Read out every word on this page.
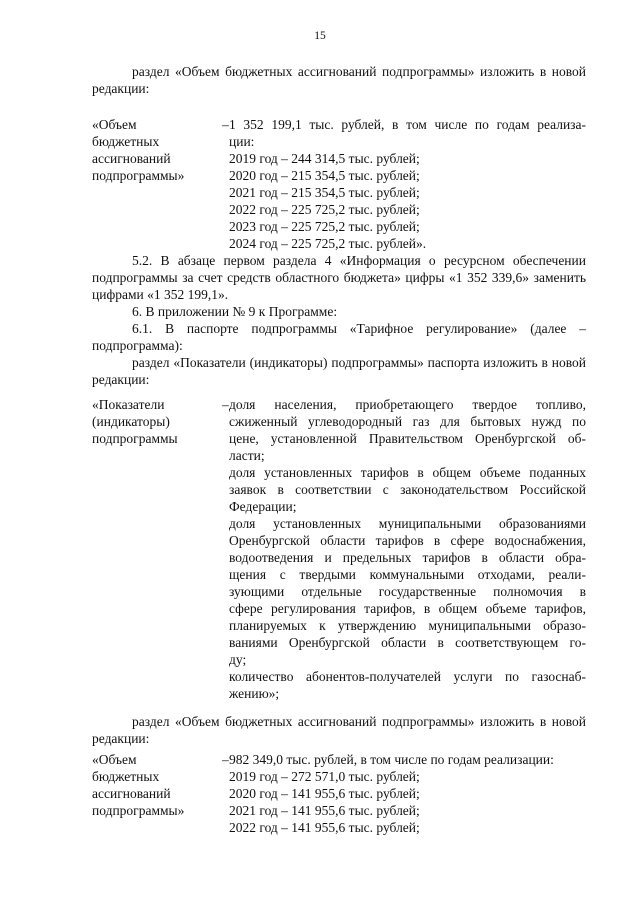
15
раздел «Объем бюджетных ассигнований подпрограммы» изложить в новой редакции:
«Объем
бюджетных
ассигнований
подпрограммы»
– 1 352 199,1 тыс. рублей, в том числе по годам реализа-
ции:
2019 год – 244 314,5 тыс. рублей;
2020 год – 215 354,5 тыс. рублей;
2021 год – 215 354,5 тыс. рублей;
2022 год – 225 725,2 тыс. рублей;
2023 год – 225 725,2 тыс. рублей;
2024 год – 225 725,2 тыс. рублей».
5.2. В абзаце первом раздела 4 «Информация о ресурсном обеспечении подпрограммы за счет средств областного бюджета» цифры «1 352 339,6» заменить цифрами «1 352 199,1».
6. В приложении № 9 к Программе:
6.1. В паспорте подпрограммы «Тарифное регулирование» (далее – подпрограмма):
раздел «Показатели (индикаторы) подпрограммы» паспорта изложить в новой редакции:
«Показатели
(индикаторы)
подпрограммы
– доля населения, приобретающего твердое топливо,
сжиженный углеводородный газ для бытовых нужд по
цене, установленной Правительством Оренбургской об-
ласти;
доля установленных тарифов в общем объеме поданных
заявок в соответствии с законодательством Российской
Федерации;
доля установленных муниципальными образованиями
Оренбургской области тарифов в сфере водоснабжения,
водоотведения и предельных тарифов в области обра-
щения с твердыми коммунальными отходами, реали-
зующими отдельные государственные полномочия в
сфере регулирования тарифов, в общем объеме тарифов,
планируемых к утверждению муниципальными образо-
ваниями Оренбургской области в соответствующем го-
ду;
количество абонентов-получателей услуги по газоснаб-
жению»;
раздел «Объем бюджетных ассигнований подпрограммы» изложить в новой редакции:
«Объем
бюджетных
ассигнований
подпрограммы»
– 982 349,0 тыс. рублей, в том числе по годам реализации:
2019 год – 272 571,0 тыс. рублей;
2020 год – 141 955,6 тыс. рублей;
2021 год – 141 955,6 тыс. рублей;
2022 год – 141 955,6 тыс. рублей;
